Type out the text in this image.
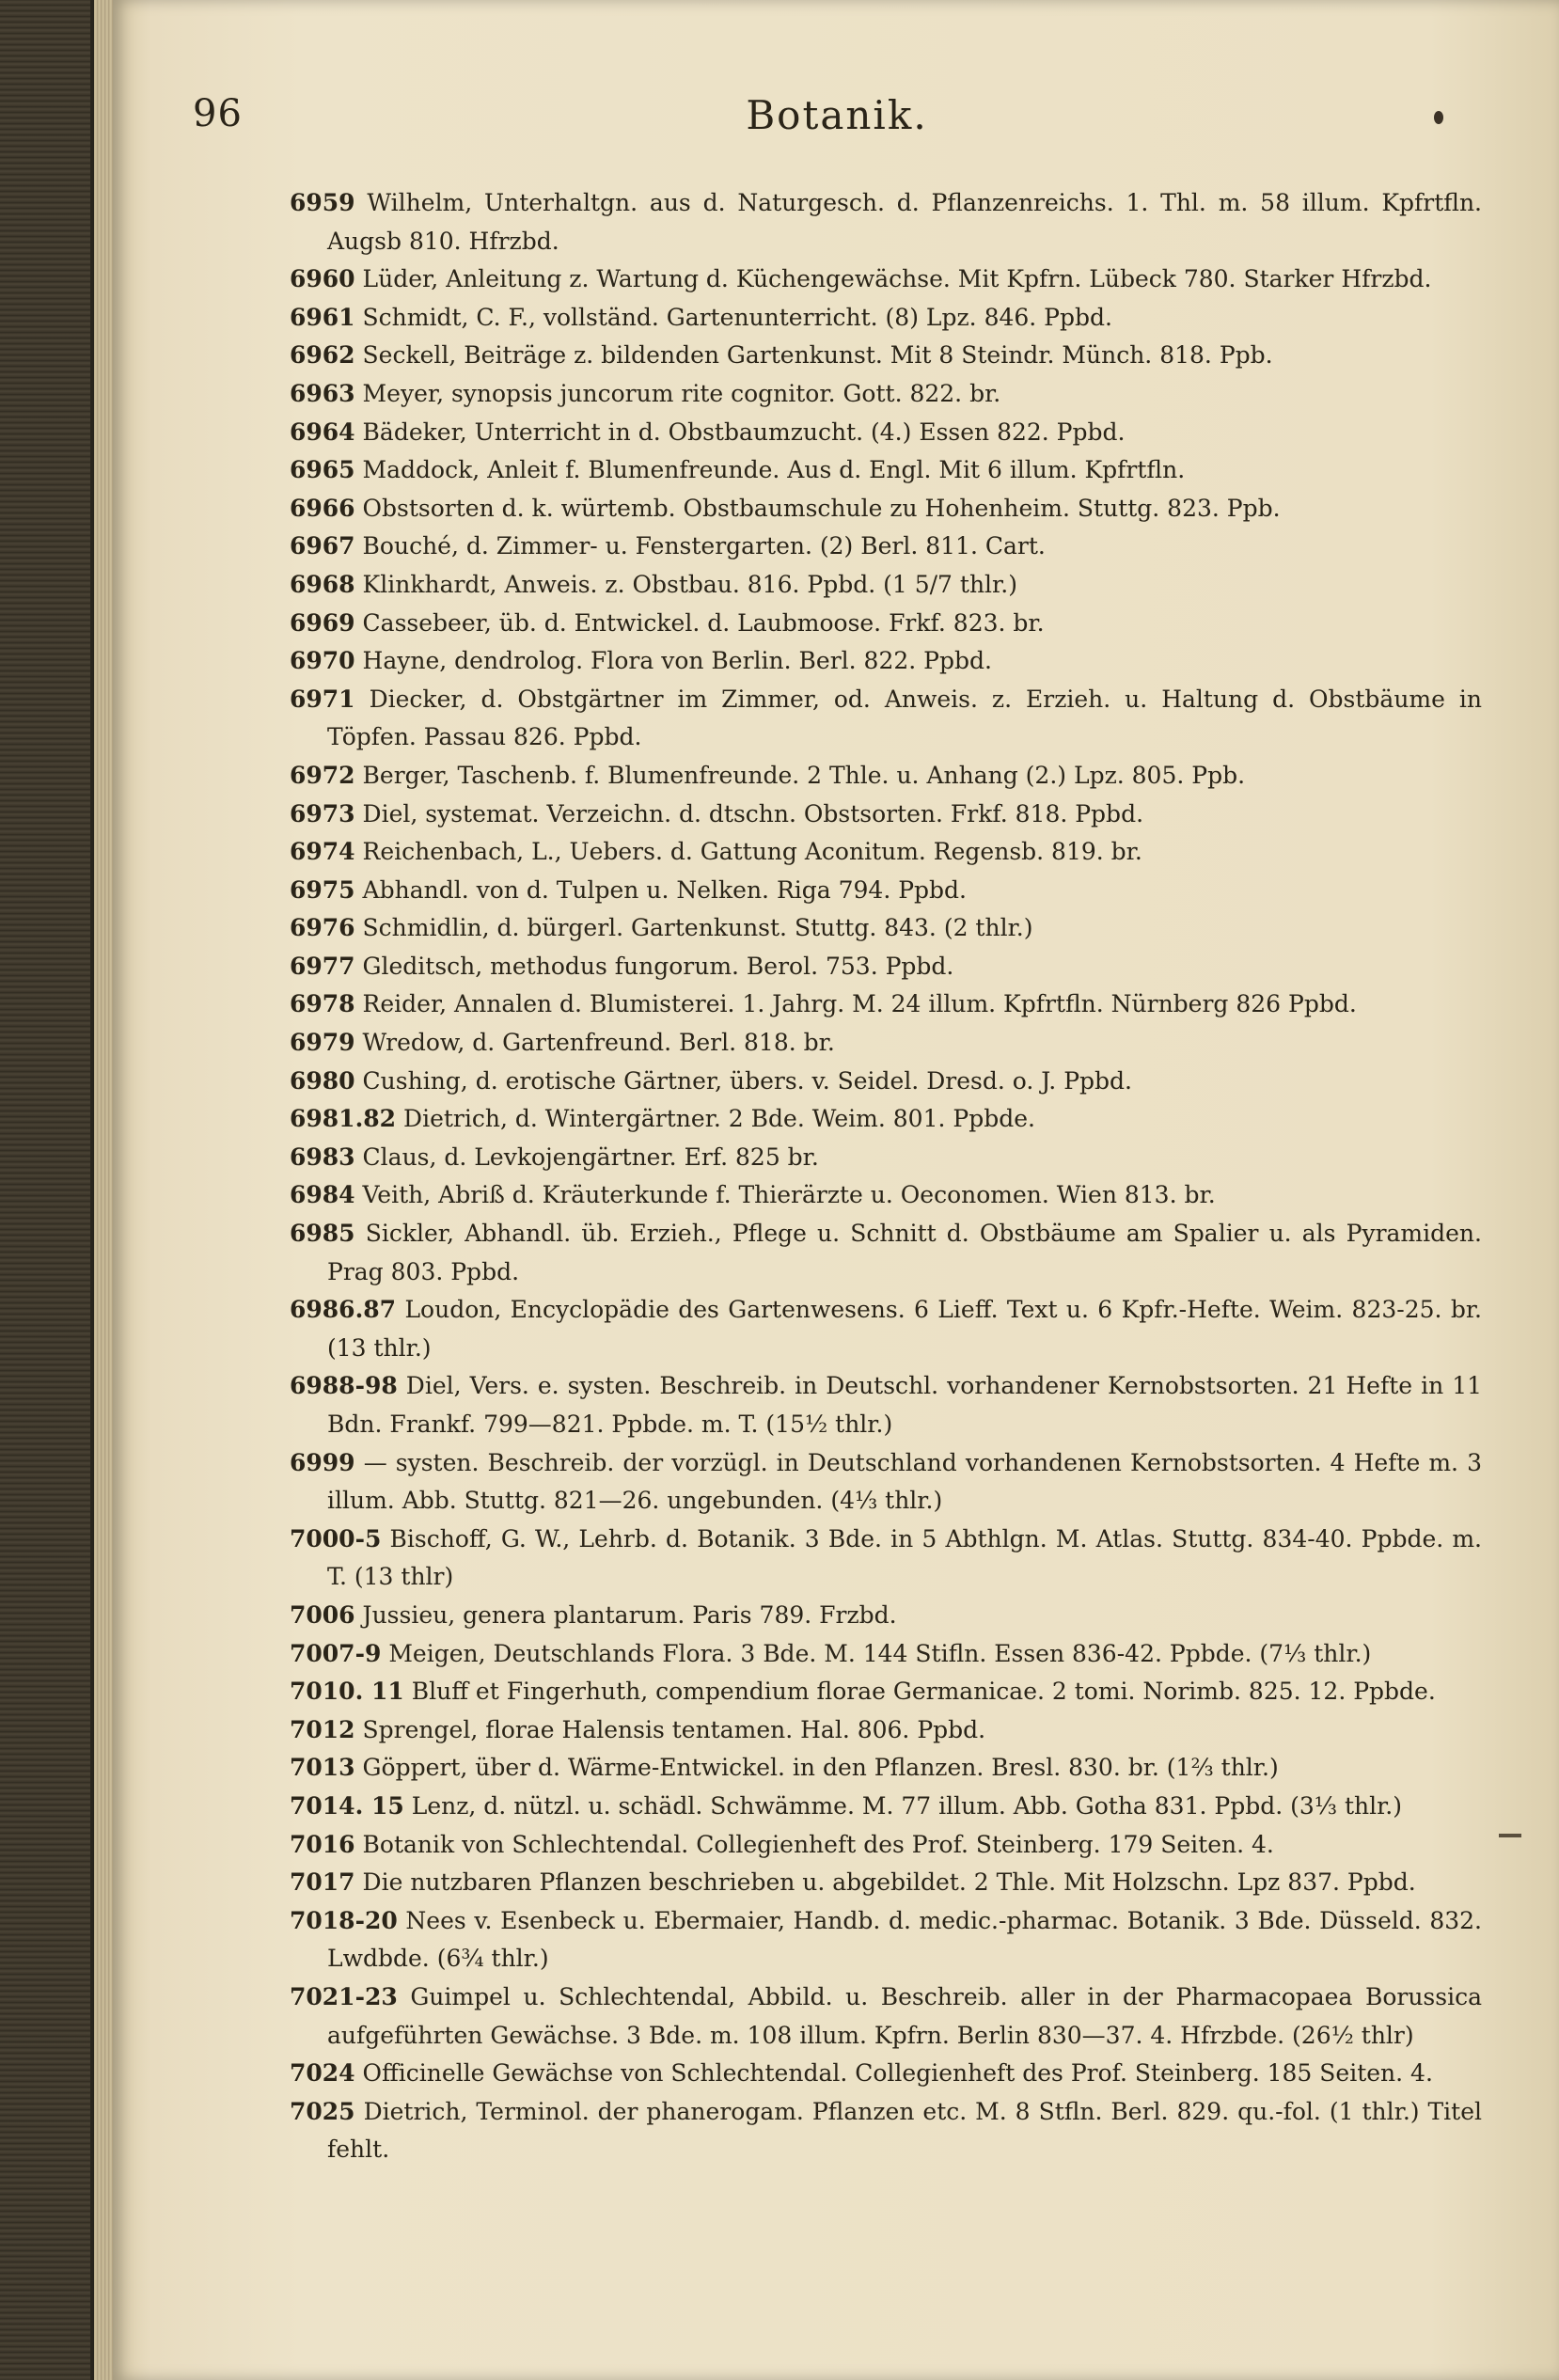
96	Botanik.
6959 Wilhelm, Unterhaltgn. aus d. Naturgesch. d. Pflanzenreichs. 1. Thl. m. 58 illum. Kpfrtfln. Augsb 810. Hfrzbd.
6960 Lüder, Anleitung z. Wartung d. Küchengewächse. Mit Kpfrn. Lübeck 780. Starker Hfrzbd.
6961 Schmidt, C. F., vollständ. Gartenunterricht. (8) Lpz. 846. Ppbd.
6962 Seckell, Beiträge z. bildenden Gartenkunst. Mit 8 Steindr. Münch. 818. Ppb.
6963 Meyer, synopsis juncorum rite cognitor. Gott. 822. br.
6964 Bädeker, Unterricht in d. Obstbaumzucht. (4.) Essen 822. Ppbd.
6965 Maddock, Anleit f. Blumenfreunde. Aus d. Engl. Mit 6 illum. Kpfrtfln.
6966 Obstsorten d. k. würtemb. Obstbaumschule zu Hohenheim. Stuttg. 823. Ppb.
6967 Bouché, d. Zimmer- u. Fenstergarten. (2) Berl. 811. Cart.
6968 Klinkhardt, Anweis. z. Obstbau. 816. Ppbd. (1 5/7 thlr.)
6969 Cassebeer, üb. d. Entwickel. d. Laubmoose. Frkf. 823. br.
6970 Hayne, dendrolog. Flora von Berlin. Berl. 822. Ppbd.
6971 Diecker, d. Obstgärtner im Zimmer, od. Anweis. z. Erzieh. u. Haltung d. Obstbäume in Töpfen. Passau 826. Ppbd.
6972 Berger, Taschenb. f. Blumenfreunde. 2 Thle. u. Anhang (2.) Lpz. 805. Ppb.
6973 Diel, systemat. Verzeichn. d. dtschn. Obstsorten. Frkf. 818. Ppbd.
6974 Reichenbach, L., Uebers. d. Gattung Aconitum. Regensb. 819. br.
6975 Abhandl. von d. Tulpen u. Nelken. Riga 794. Ppbd.
6976 Schmidlin, d. bürgerl. Gartenkunst. Stuttg. 843. (2 thlr.)
6977 Gleditsch, methodus fungorum. Berol. 753. Ppbd.
6978 Reider, Annalen d. Blumisterei. 1. Jahrg. M. 24 illum. Kpfrtfln. Nürnberg 826 Ppbd.
6979 Wredow, d. Gartenfreund. Berl. 818. br.
6980 Cushing, d. erotische Gärtner, übers. v. Seidel. Dresd. o. J. Ppbd.
6981.82 Dietrich, d. Wintergärtner. 2 Bde. Weim. 801. Ppbde.
6983 Claus, d. Levkojengärtner. Erf. 825 br.
6984 Veith, Abriß d. Kräuterkunde f. Thierärzte u. Oeconomen. Wien 813. br.
6985 Sickler, Abhandl. üb. Erzieh., Pflege u. Schnitt d. Obstbäume am Spalier u. als Pyramiden. Prag 803. Ppbd.
6986.87 Loudon, Encyclopädie des Gartenwesens. 6 Lieff. Text u. 6 Kpfr.-Hefte. Weim. 823-25. br. (13 thlr.)
6988-98 Diel, Vers. e. systen. Beschreib. in Deutschl. vorhandener Kernobstsorten. 21 Hefte in 11 Bdn. Frankf. 799—821. Ppbde. m. T. (15½ thlr.)
6999 — systen. Beschreib. der vorzügl. in Deutschland vorhandenen Kernobstsorten. 4 Hefte m. 3 illum. Abb. Stuttg. 821—26. ungebunden. (4⅓ thlr.)
7000-5 Bischoff, G. W., Lehrb. d. Botanik. 3 Bde. in 5 Abthlgn. M. Atlas. Stuttg. 834-40. Ppbde. m. T. (13 thlr)
7006 Jussieu, genera plantarum. Paris 789. Frzbd.
7007-9 Meigen, Deutschlands Flora. 3 Bde. M. 144 Stifln. Essen 836-42. Ppbde. (7⅓ thlr.)
7010. 11 Bluff et Fingerhuth, compendium florae Germanicae. 2 tomi. Norimb. 825. 12. Ppbde.
7012 Sprengel, florae Halensis tentamen. Hal. 806. Ppbd.
7013 Göppert, über d. Wärme-Entwickel. in den Pflanzen. Bresl. 830. br. (1⅔ thlr.)
7014. 15 Lenz, d. nützl. u. schädl. Schwämme. M. 77 illum. Abb. Gotha 831. Ppbd. (3⅓ thlr.)
7016 Botanik von Schlechtendal. Collegienheft des Prof. Steinberg. 179 Seiten. 4.
7017 Die nutzbaren Pflanzen beschrieben u. abgebildet. 2 Thle. Mit Holzschn. Lpz 837. Ppbd.
7018-20 Nees v. Esenbeck u. Ebermaier, Handb. d. medic.-pharmac. Botanik. 3 Bde. Düsseld. 832. Lwdbde. (6¾ thlr.)
7021-23 Guimpel u. Schlechtendal, Abbild. u. Beschreib. aller in der Pharmacopaea Borussica aufgeführten Gewächse. 3 Bde. m. 108 illum. Kpfrn. Berlin 830—37. 4. Hfrzbde. (26½ thlr)
7024 Officinelle Gewächse von Schlechtendal. Collegienheft des Prof. Steinberg. 185 Seiten. 4.
7025 Dietrich, Terminol. der phanerogam. Pflanzen etc. M. 8 Stfln. Berl. 829. qu.-fol. (1 thlr.) Titel fehlt.
